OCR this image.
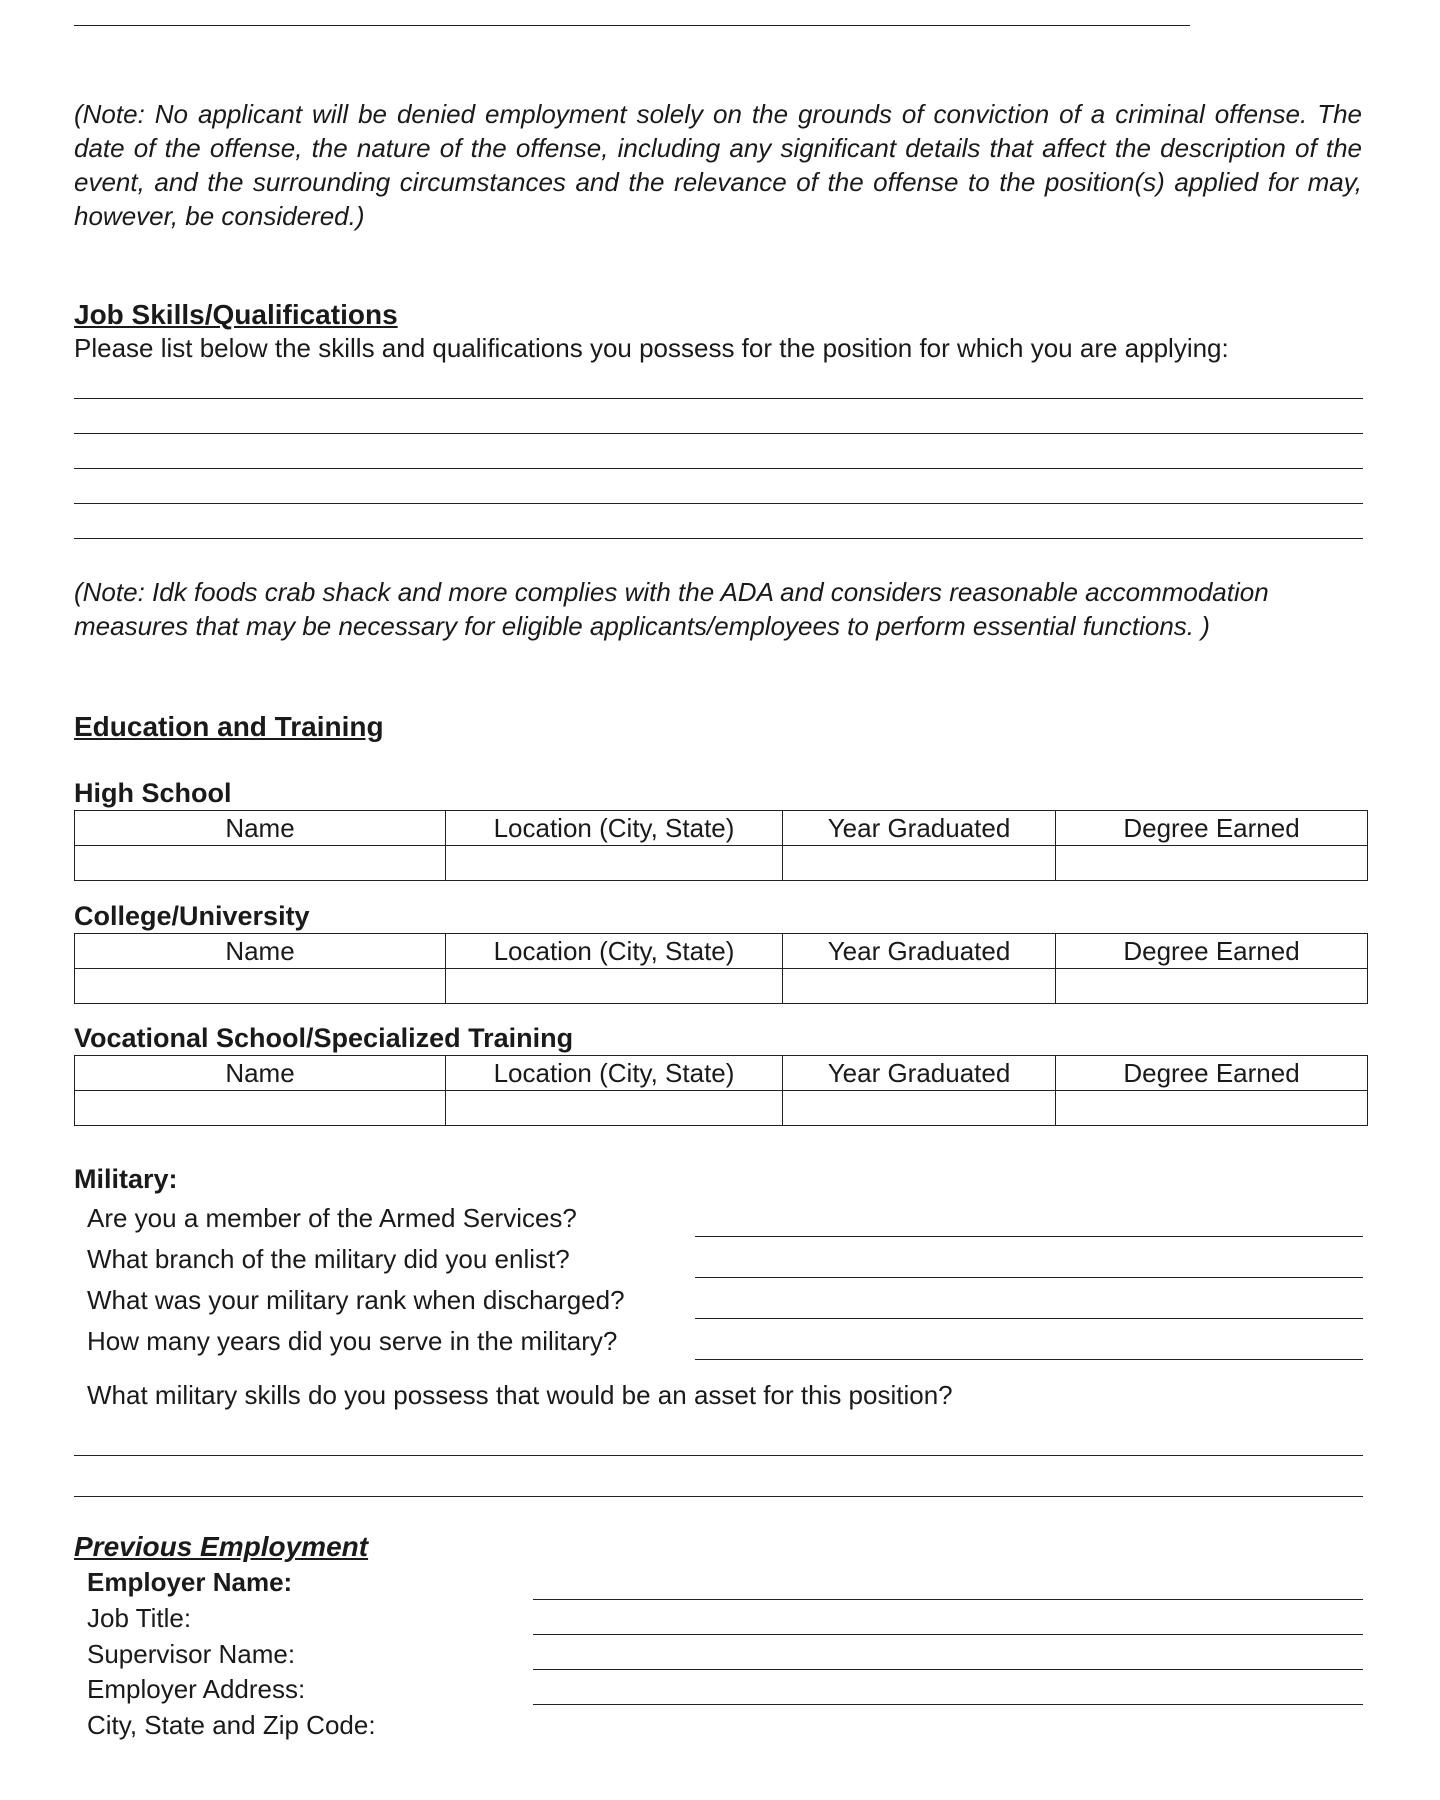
(Note: No applicant will be denied employment solely on the grounds of conviction of a criminal offense. The date of the offense, the nature of the offense, including any significant details that affect the description of the event, and the surrounding circumstances and the relevance of the offense to the position(s) applied for may, however, be considered.)

Job Skills/Qualifications

Please list below the skills and qualifications you possess for the position for which you are applying:

(Note: Idk foods crab shack and more complies with the ADA and considers reasonable accommodation measures that may be necessary for eligible applicants/employees to perform essential functions. )

Education and Training
High School
Name	Location (City, State)	Year Graduated	Degree Earned

College/University
Name	Location (City, State)	Year Graduated	Degree Earned

Vocational School/Specialized Training
Name	Location (City, State)	Year Graduated	Degree Earned

Military:
Are you a member of the Armed Services?
What branch of the military did you enlist?
What was your military rank when discharged?
How many years did you serve in the military?
What military skills do you possess that would be an asset for this position?
Previous Employment
Employer Name:
Job Title:
Supervisor Name:
Employer Address:
City, State and Zip Code:
